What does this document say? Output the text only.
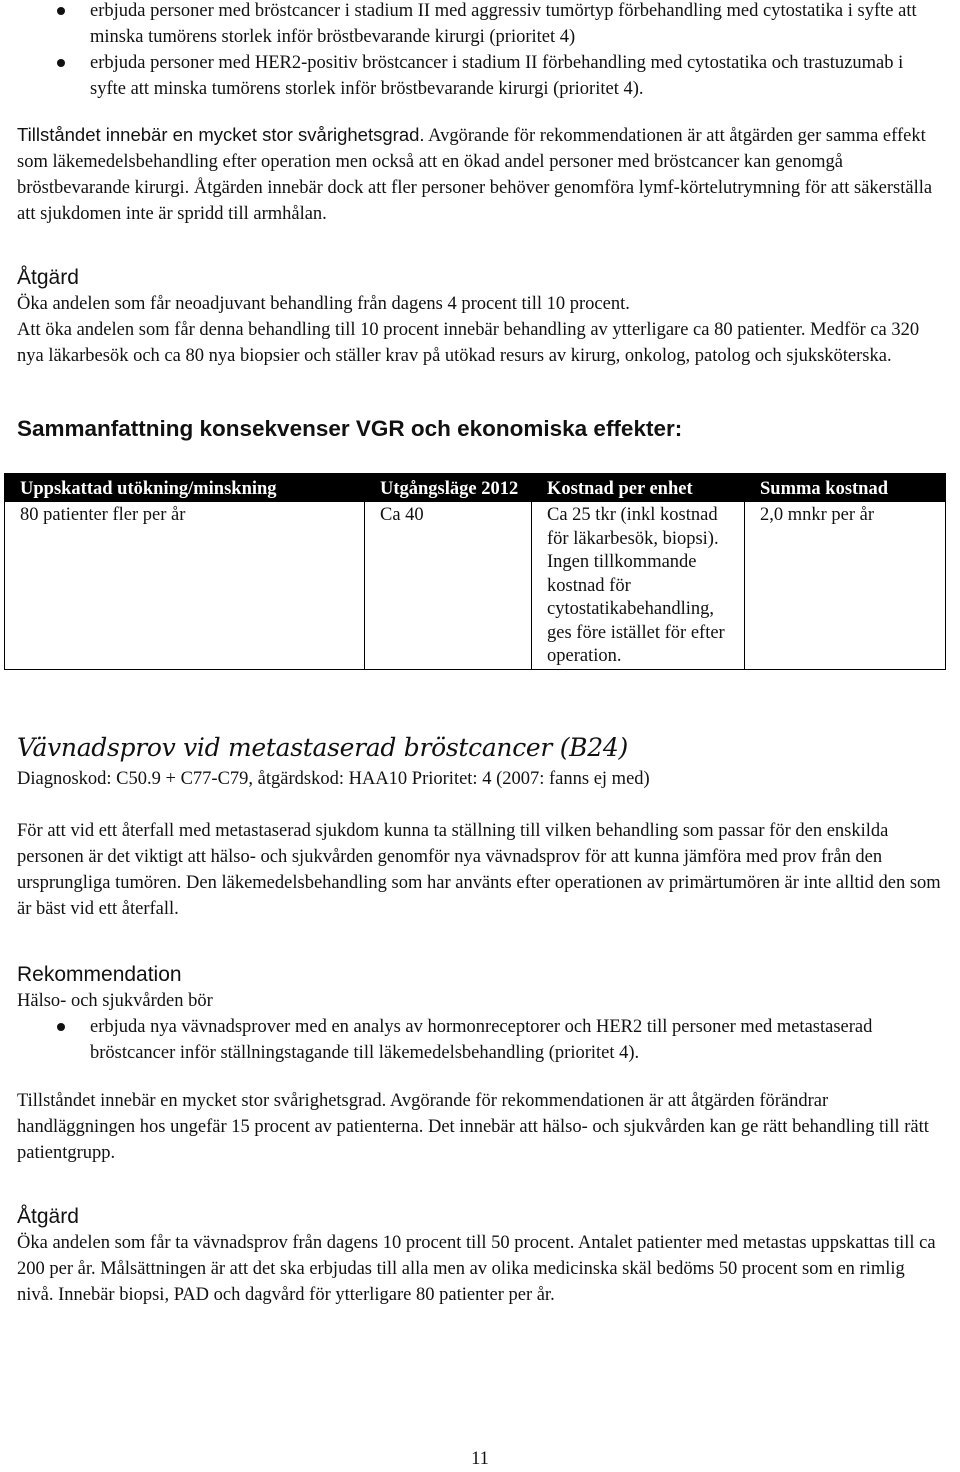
erbjuda personer med bröstcancer i stadium II med aggressiv tumörtyp förbehandling med cytostatika i syfte att minska tumörens storlek inför bröstbevarande kirurgi (prioritet 4)
erbjuda personer med HER2-positiv bröstcancer i stadium II förbehandling med cytostatika och trastuzumab i syfte att minska tumörens storlek inför bröstbevarande kirurgi (prioritet 4).

Tillståndet innebär en mycket stor svårighetsgrad. Avgörande för rekommendationen är att åtgärden ger samma effekt som läkemedelsbehandling efter operation men också att en ökad andel personer med bröstcancer kan genomgå bröstbevarande kirurgi. Åtgärden innebär dock att fler personer behöver genomföra lymf-körtelutrymning för att säkerställa att sjukdomen inte är spridd till armhålan.

Åtgärd

Öka andelen som får neoadjuvant behandling från dagens 4 procent till 10 procent.

Att öka andelen som får denna behandling till 10 procent innebär behandling av ytterligare ca 80 patienter. Medför ca 320 nya läkarbesök och ca 80 nya biopsier och ställer krav på utökad resurs av kirurg, onkolog, patolog och sjuksköterska.

Sammanfattning konsekvenser VGR och ekonomiska effekter:
Uppskattad utökning/minskning	Utgångsläge 2012	Kostnad per enhet	Summa kostnad
80 patienter fler per år	Ca 40	Ca 25 tkr (inkl kostnad för läkarbesök, biopsi). Ingen tillkommande kostnad för cytostatikabehandling, ges före istället för efter operation.	2,0 mnkr per år
Vävnadsprov vid metastaserad bröstcancer (B24)

Diagnoskod: C50.9 + C77-C79, åtgärdskod: HAA10 Prioritet: 4 (2007: fanns ej med)

För att vid ett återfall med metastaserad sjukdom kunna ta ställning till vilken behandling som passar för den enskilda personen är det viktigt att hälso- och sjukvården genomför nya vävnadsprov för att kunna jämföra med prov från den ursprungliga tumören. Den läkemedelsbehandling som har använts efter operationen av primärtumören är inte alltid den som är bäst vid ett återfall.

Rekommendation

Hälso- och sjukvården bör

erbjuda nya vävnadsprover med en analys av hormonreceptorer och HER2 till personer med metastaserad bröstcancer inför ställningstagande till läkemedelsbehandling (prioritet 4).

Tillståndet innebär en mycket stor svårighetsgrad. Avgörande för rekommendationen är att åtgärden förändrar handläggningen hos ungefär 15 procent av patienterna. Det innebär att hälso- och sjukvården kan ge rätt behandling till rätt patientgrupp.

Åtgärd

Öka andelen som får ta vävnadsprov från dagens 10 procent till 50 procent. Antalet patienter med metastas uppskattas till ca 200 per år. Målsättningen är att det ska erbjudas till alla men av olika medicinska skäl bedöms 50 procent som en rimlig nivå. Innebär biopsi, PAD och dagvård för ytterligare 80 patienter per år.

11
